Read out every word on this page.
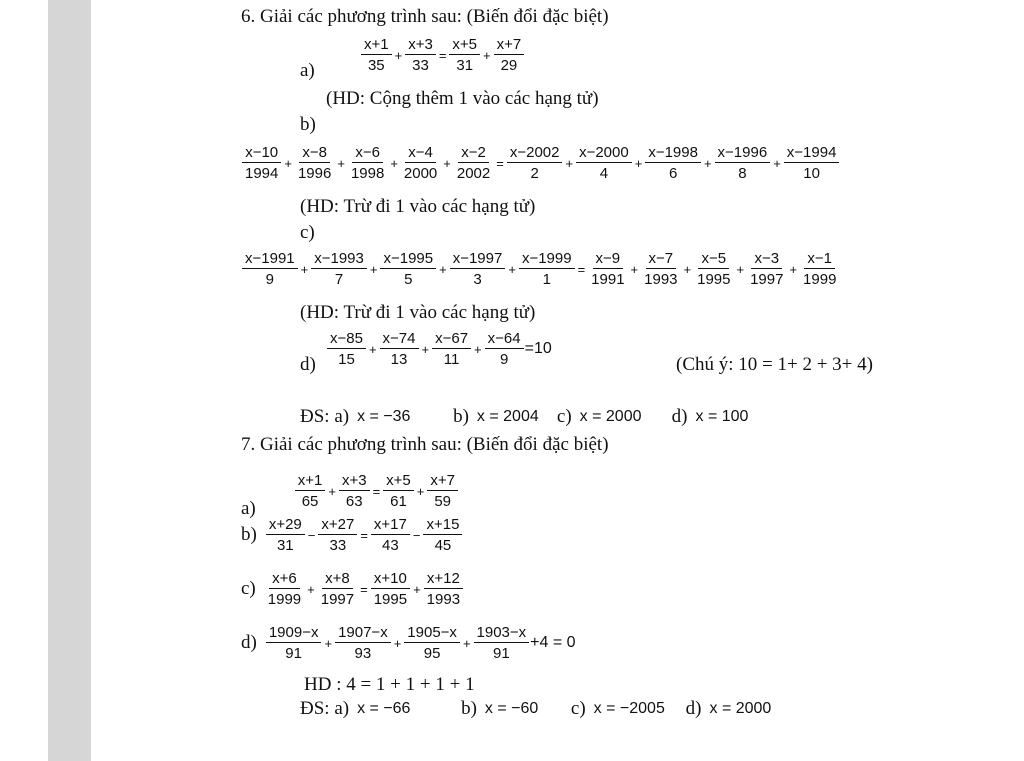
6. Giải các phương trình sau: (Biến đổi đặc biệt)
a)	$\frac{x+1}{35} + \frac{x+3}{33} = \frac{x+5}{31} + \frac{x+7}{29}$
(HD: Cộng thêm 1 vào các hạng tử)
b)
$\frac{x-10}{1994} + \frac{x-8}{1996} + \frac{x-6}{1998} + \frac{x-4}{2000} + \frac{x-2}{2002} = \frac{x-2002}{2} + \frac{x-2000}{4} + \frac{x-1998}{6} + \frac{x-1996}{8} + \frac{x-1994}{10}$
(HD: Trừ đi 1 vào các hạng tử)
c)
$\frac{x-1991}{9} + \frac{x-1993}{7} + \frac{x-1995}{5} + \frac{x-1997}{3} + \frac{x-1999}{1} = \frac{x-9}{1991} + \frac{x-7}{1993} + \frac{x-5}{1995} + \frac{x-3}{1997} + \frac{x-1}{1999}$
(HD: Trừ đi 1 vào các hạng tử)
$d) \frac{x-85}{15} + \frac{x-74}{13} + \frac{x-67}{11} + \frac{x-64}{9} =10$
(Chú ý: 10 = 1+ 2 + 3+ 4)
ĐS: a) x = −36	b) x = 2004 c) x = 2000	d) x = 100
7. Giải các phương trình sau: (Biến đổi đặc biệt)
a)	$\frac{x+1}{65} + \frac{x+3}{63} = \frac{x+5}{61} + \frac{x+7}{59}$
$b) \frac{x+29}{31} - \frac{x+27}{33} = \frac{x+17}{43} - \frac{x+15}{45}$
$c) \frac{x+6}{1999} + \frac{x+8}{1997} = \frac{x+10}{1995} + \frac{x+12}{1993}$
$d) \frac{1909-x}{91} + \frac{1907-x}{93} + \frac{1905-x}{95} + \frac{1903-x}{91} +4 = 0$
HD : 4 = 1 + 1 + 1 + 1
ĐS: a) x = −66	b) x = −60	c) x = −2005	d) x = 2000
